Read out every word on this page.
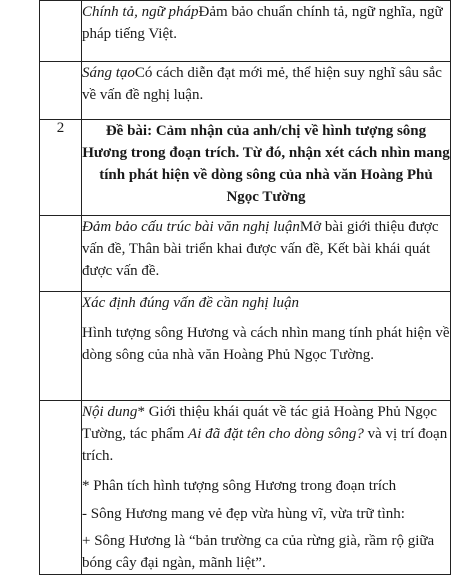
	Chính tả, ngữ phápĐảm bảo chuẩn chính tả, ngữ nghĩa, ngữ pháp tiếng Việt.
	Sáng tạoCó cách diễn đạt mới mẻ, thể hiện suy nghĩ sâu sắc về vấn đề nghị luận.
2	Đề bài: Cảm nhận của anh/chị về hình tượng sông Hương trong đoạn trích. Từ đó, nhận xét cách nhìn mang tính phát hiện về dòng sông của nhà văn Hoàng Phủ Ngọc Tường
	Đảm bảo cấu trúc bài văn nghị luậnMở bài giới thiệu được vấn đề, Thân bài triển khai được vấn đề, Kết bài khái quát được vấn đề.

	Xác định đúng vấn đề cần nghị luận

Hình tượng sông Hương và cách nhìn mang tính phát hiện về dòng sông của nhà văn Hoàng Phủ Ngọc Tường.

	Nội dung* Giới thiệu khái quát về tác giả Hoàng Phủ Ngọc Tường, tác phẩm Ai đã đặt tên cho dòng sông? và vị trí đoạn trích.

* Phân tích hình tượng sông Hương trong đoạn trích

- Sông Hương mang vẻ đẹp vừa hùng vĩ, vừa trữ tình:

+ Sông Hương là “bản trường ca của rừng già, rầm rộ giữa bóng cây đại ngàn, mãnh liệt”.
